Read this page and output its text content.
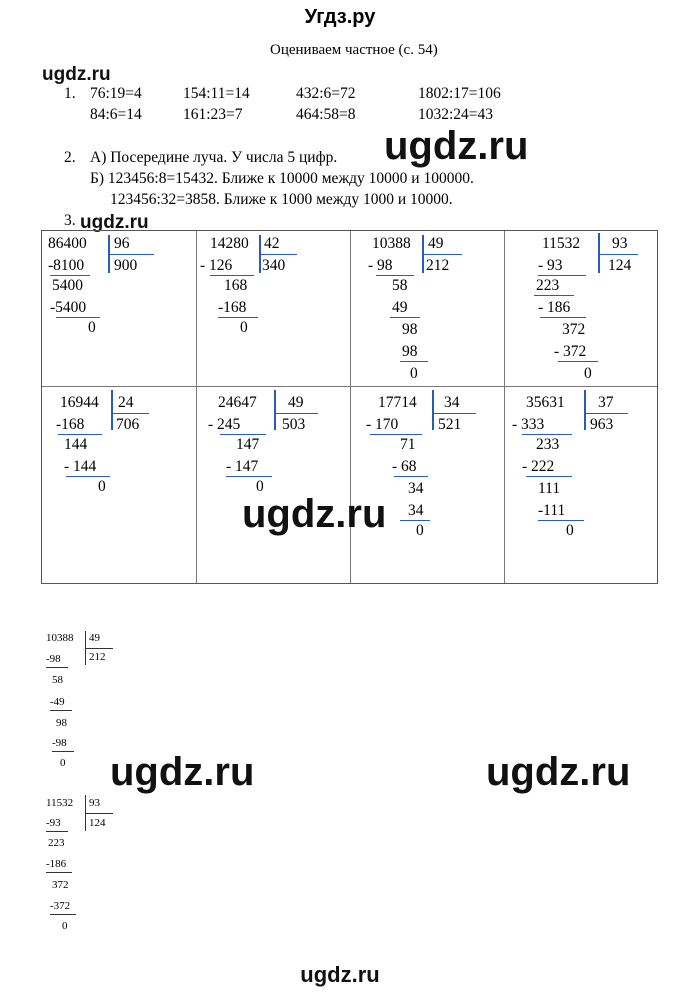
Угдз.ру
Оцениваем частное (с. 54)
ugdz.ru
1. 76:19=4	154:11=14	432:6=72	1802:17=106
84:6=14	161:23=7	464:58=8	1032:24=43
ugdz.ru
2. А) Посередине луча. У числа 5 цифр.
Б) 123456:8=15432. Ближе к 10000 между 10000 и 100000.
123456:32=3858. Ближе к 1000 между 1000 и 10000.
3. ugdz.ru
86400 96
900
-8100
5400
-5400
0
14280 42
340
- 126
168
-168
0
10388 49
212
- 98
58
49
98
98
0
11532 93
124
- 93
223
- 186
372
- 372
0
16944 24
706
-168
144
- 144
0
24647 49
503
- 245
147
- 147
0
17714 34
521
- 170
71
- 68
34
34
0
35631 37
963
- 333
233
- 222
111
-111
0
ugdz.ru
10388 49
212
-98
58
-49
98
-98
0 ugdz.ru	ugdz.ru
11532 93
124
-93
223
-186
372
-372
0
ugdz.ru
